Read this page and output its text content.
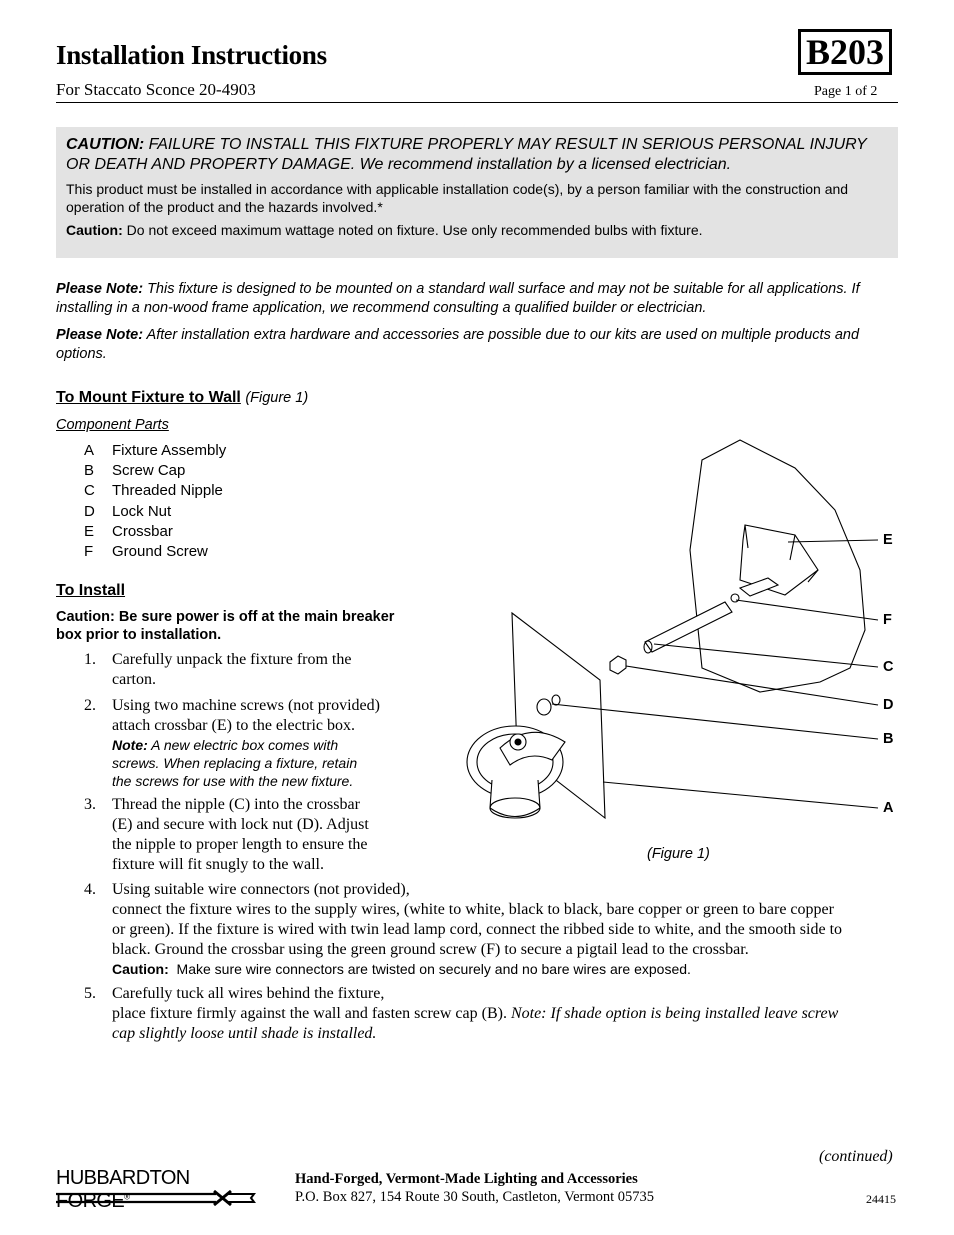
Installation Instructions
For Staccato Sconce 20-4903
B203
Page 1 of 2
CAUTION: FAILURE TO INSTALL THIS FIXTURE PROPERLY MAY RESULT IN SERIOUS PERSONAL INJURY OR DEATH AND PROPERTY DAMAGE. We recommend installation by a licensed electrician.
This product must be installed in accordance with applicable installation code(s), by a person familiar with the construction and operation of the product and the hazards involved.*
Caution: Do not exceed maximum wattage noted on fixture. Use only recommended bulbs with fixture.
Please Note: This fixture is designed to be mounted on a standard wall surface and may not be suitable for all applications. If installing in a non-wood frame application, we recommend consulting a qualified builder or electrician.
Please Note: After installation extra hardware and accessories are possible due to our kits are used on multiple products and options.
To Mount Fixture to Wall (Figure 1)
Component Parts
A	Fixture Assembly
B	Screw Cap
C	Threaded Nipple
D	Lock Nut
E	Crossbar
F	Ground Screw
To Install
Caution: Be sure power is off at the main breaker box prior to installation.
1.	Carefully unpack the fixture from the
carton.
2.	Using two machine screws (not provided)
attach crossbar (E) to the electric box.
Note: A new electric box comes with
screws. When replacing a fixture, retain
the screws for use with the new fixture.
3.	Thread the nipple (C) into the crossbar
(E) and secure with lock nut (D). Adjust
the nipple to proper length to ensure the
fixture will fit snugly to the wall.
4.	Using suitable wire connectors (not provided),
connect the fixture wires to the supply wires, (white to white, black to black, bare copper or green to bare copper
or green). If the fixture is wired with twin lead lamp cord, connect the ribbed side to white, and the smooth side to
black. Ground the crossbar using the green ground screw (F) to secure a pigtail lead to the crossbar.
Caution: Make sure wire connectors are twisted on securely and no bare wires are exposed.
5.	Carefully tuck all wires behind the fixture,
place fixture firmly against the wall and fasten screw cap (B). Note: If shade option is being installed leave screw
cap slightly loose until shade is installed.
E
F
C
D
B
A
(Figure 1)
(continued)
HUBBARDTON FORGE®
Hand-Forged, Vermont-Made Lighting and Accessories
P.O. Box 827, 154 Route 30 South, Castleton, Vermont 05735	24415
